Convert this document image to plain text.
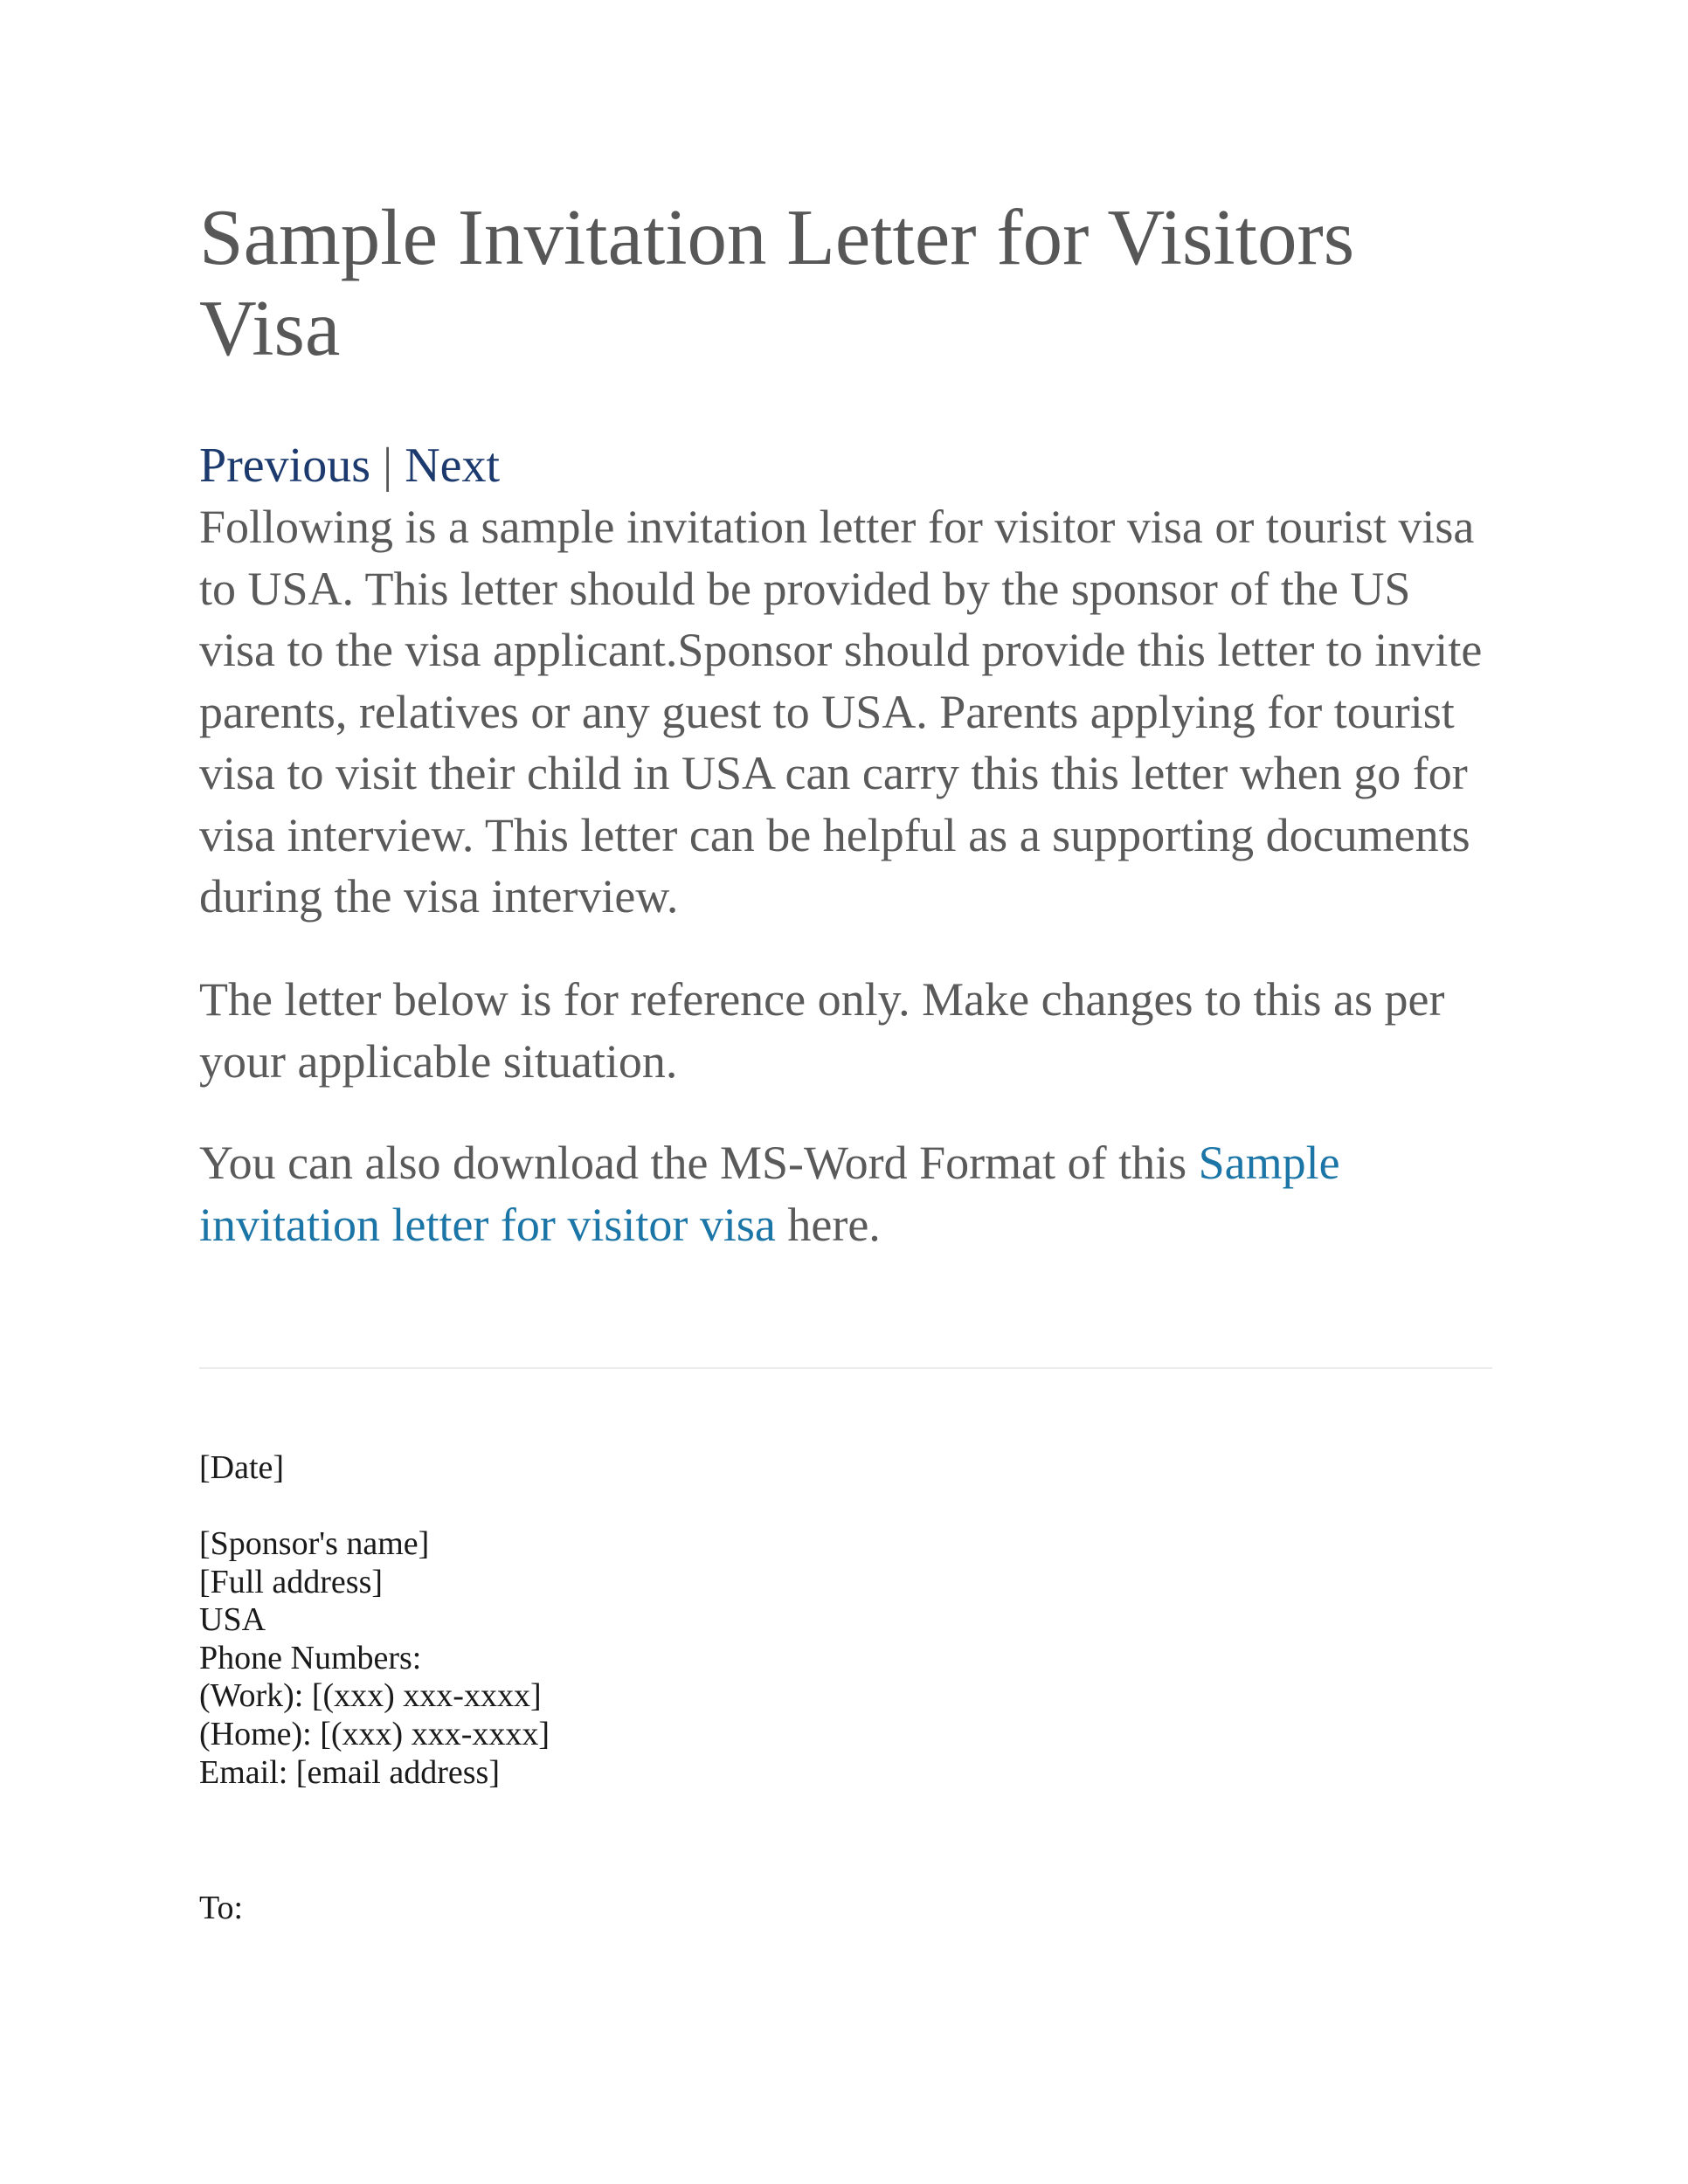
Sample Invitation Letter for Visitors Visa
Previous | Next

Following is a sample invitation letter for visitor visa or tourist visa to USA. This letter should be provided by the sponsor of the US visa to the visa applicant.Sponsor should provide this letter to invite parents, relatives or any guest to USA. Parents applying for tourist visa to visit their child in USA can carry this this letter when go for visa interview. This letter can be helpful as a supporting documents during the visa interview.

The letter below is for reference only. Make changes to this as per your applicable situation.

You can also download the MS-Word Format of this Sample invitation letter for visitor visa here.

[Date]
[Sponsor's name]
[Full address]
USA
Phone Numbers:
(Work): [(xxx) xxx-xxxx]
(Home): [(xxx) xxx-xxxx]
Email: [email address]
To:
